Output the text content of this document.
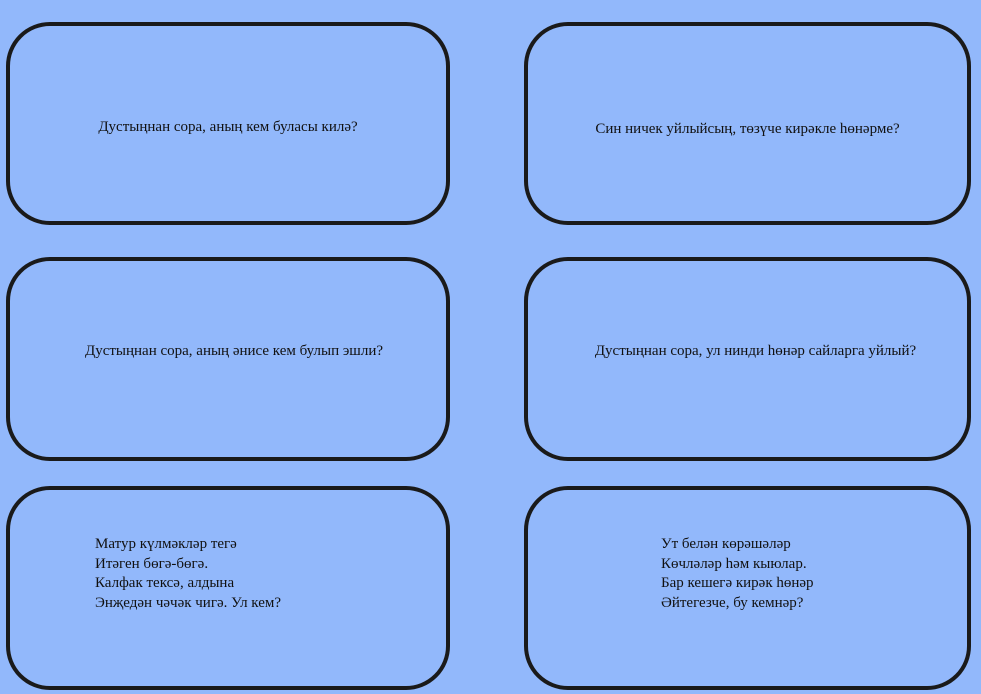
Дустыңнан сора, аның кем буласы килә?	Син ничек уйлыйсың, төзүче кирәкле һөнәрме?
Дустыңнан сора, аның әнисе кем булып эшли?	Дустыңнан сора, ул нинди һөнәр сайларга уйлый?
Матур күлмәкләр тегә
Итәген бөгә-бөгә.
Калфак тексә, алдына
Энҗедән чәчәк чигә. Ул кем?
Ут белән көрәшәләр
Көчләләр һәм кыюлар.
Бар кешегә кирәк һөнәр
Әйтегезче, бу кемнәр?
